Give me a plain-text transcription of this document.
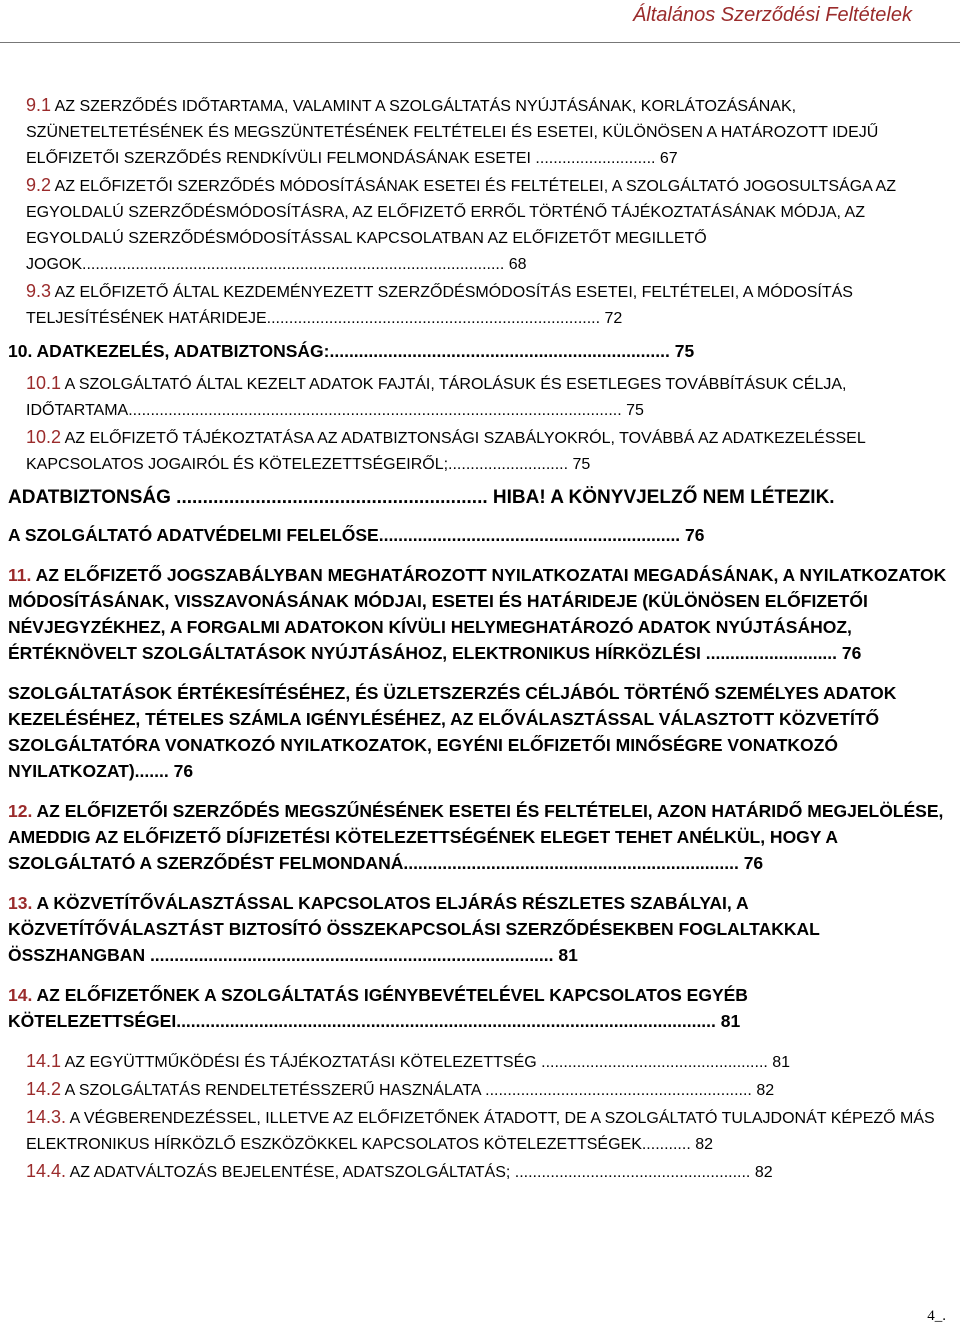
Általános Szerződési Feltételek
9.1 AZ SZERZŐDÉS IDŐTARTAMA, VALAMINT A SZOLGÁLTATÁS NYÚJTÁSÁNAK, KORLÁTOZÁSÁNAK, SZÜNETELTETÉSÉNEK ÉS MEGSZÜNTETÉSÉNEK FELTÉTELEI ÉS ESETEI, KÜLÖNÖSEN A HATÁROZOTT IDEJŰ ELŐFIZETŐI SZERZŐDÉS RENDKÍVÜLI FELMONDÁSÁNAK ESETEI ........................... 67
9.2 AZ ELŐFIZETŐI SZERZŐDÉS MÓDOSÍTÁSÁNAK ESETEI ÉS FELTÉTELEI, A SZOLGÁLTATÓ JOGOSULTSÁGA AZ EGYOLDALÚ SZERZŐDÉSMÓDOSÍTÁSRA, AZ ELŐFIZETŐ ERRŐL TÖRTÉNŐ TÁJÉKOZTATÁSÁNAK MÓDJA, AZ EGYOLDALÚ SZERZŐDÉSMÓDOSÍTÁSSAL KAPCSOLATBAN AZ ELŐFIZETŐT MEGILLETŐ JOGOK............................................................................................... 68
9.3 AZ ELŐFIZETŐ ÁLTAL KEZDEMÉNYEZETT SZERZŐDÉSMÓDOSÍTÁS ESETEI, FELTÉTELEI, A MÓDOSÍTÁS TELJESÍTÉSÉNEK HATÁRIDEJE........................................................................... 72
10. ADATKEZELÉS, ADATBIZTONSÁG:...................................................................... 75
10.1 A SZOLGÁLTATÓ ÁLTAL KEZELT ADATOK FAJTÁI, TÁROLÁSUK ÉS ESETLEGES TOVÁBBÍTÁSUK CÉLJA, IDŐTARTAMA............................................................................................................... 75
10.2 AZ ELŐFIZETŐ TÁJÉKOZTATÁSA AZ ADATBIZTONSÁGI SZABÁLYOKRÓL, TOVÁBBÁ AZ ADATKEZELÉSSEL KAPCSOLATOS JOGAIRÓL ÉS KÖTELEZETTSÉGEIRŐL;........................... 75
ADATBIZTONSÁG ........................................................... HIBA! A KÖNYVJELZŐ NEM LÉTEZIK.
A SZOLGÁLTATÓ ADATVÉDELMI FELELŐSE.............................................................. 76
11. AZ ELŐFIZETŐ JOGSZABÁLYBAN MEGHATÁROZOTT NYILATKOZATAI MEGADÁSÁNAK, A NYILATKOZATOK MÓDOSÍTÁSÁNAK, VISSZAVONÁSÁNAK MÓDJAI, ESETEI ÉS HATÁRIDEJE (KÜLÖNÖSEN ELŐFIZETŐI NÉVJEGYZÉKHEZ, A FORGALMI ADATOKON KÍVÜLI HELYMEGHATÁROZÓ ADATOK NYÚJTÁSÁHOZ, ÉRTÉKNÖVELT SZOLGÁLTATÁSOK NYÚJTÁSÁHOZ, ELEKTRONIKUS HÍRKÖZLÉSI ........................... 76
SZOLGÁLTATÁSOK ÉRTÉKESÍTÉSÉHEZ, ÉS ÜZLETSZERZÉS CÉLJÁBÓL TÖRTÉNŐ SZEMÉLYES ADATOK KEZELÉSÉHEZ, TÉTELES SZÁMLA IGÉNYLÉSÉHEZ, AZ ELŐVÁLASZTÁSSAL VÁLASZTOTT KÖZVETÍTŐ SZOLGÁLTATÓRA VONATKOZÓ NYILATKOZATOK, EGYÉNI ELŐFIZETŐI MINŐSÉGRE VONATKOZÓ NYILATKOZAT)....... 76
12. AZ ELŐFIZETŐI SZERZŐDÉS MEGSZŰNÉSÉNEK ESETEI ÉS FELTÉTELEI, AZON HATÁRIDŐ MEGJELÖLÉSE, AMEDDIG AZ ELŐFIZETŐ DÍJFIZETÉSI KÖTELEZETTSÉGÉNEK ELEGET TEHET ANÉLKÜL, HOGY A SZOLGÁLTATÓ A SZERZŐDÉST FELMONDANÁ..................................................................... 76
13. A KÖZVETÍTŐVÁLASZTÁSSAL KAPCSOLATOS ELJÁRÁS RÉSZLETES SZABÁLYAI, A KÖZVETÍTŐVÁLASZTÁST BIZTOSÍTÓ ÖSSZEKAPCSOLÁSI SZERZŐDÉSEKBEN FOGLALTAKKAL ÖSSZHANGBAN ................................................................................... 81
14. AZ ELŐFIZETŐNEK A SZOLGÁLTATÁS IGÉNYBEVÉTELÉVEL KAPCSOLATOS EGYÉB KÖTELEZETTSÉGEI............................................................................................................... 81
14.1 AZ EGYÜTTMŰKÖDÉSI ÉS TÁJÉKOZTATÁSI KÖTELEZETTSÉG ................................................... 81
14.2 A SZOLGÁLTATÁS RENDELTETÉSSZERŰ HASZNÁLATA ............................................................ 82
14.3. A VÉGBERENDEZÉSSEL, ILLETVE AZ ELŐFIZETŐNEK ÁTADOTT, DE A SZOLGÁLTATÓ TULAJDONÁT KÉPEZŐ MÁS ELEKTRONIKUS HÍRKÖZLŐ ESZKÖZÖKKEL KAPCSOLATOS KÖTELEZETTSÉGEK........... 82
14.4. AZ ADATVÁLTOZÁS BEJELENTÉSE, ADATSZOLGÁLTATÁS; ..................................................... 82
4_.
